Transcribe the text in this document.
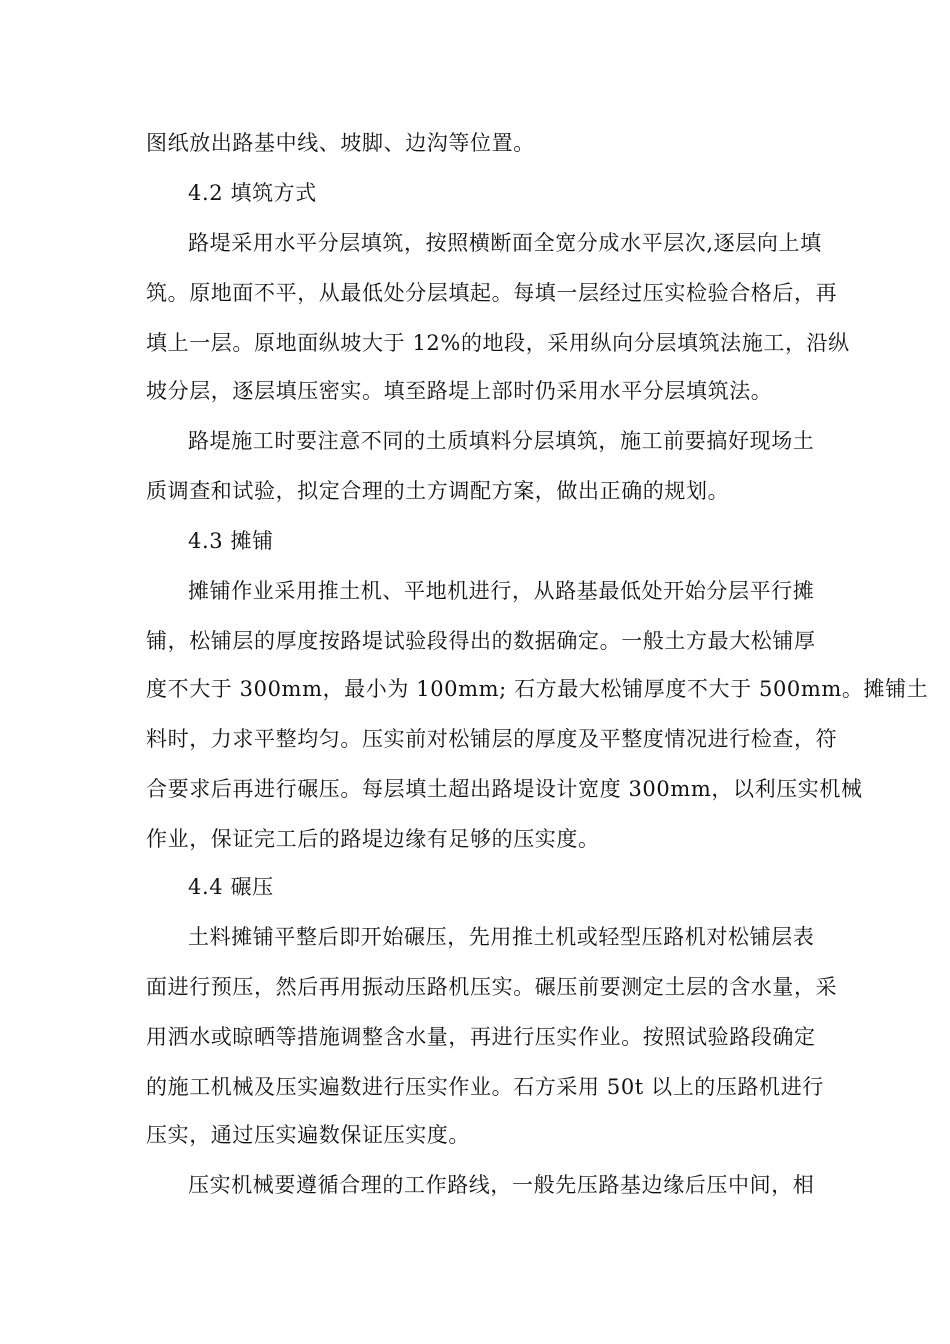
图纸放出路基中线、坡脚、边沟等位置。
4.2 填筑方式
路堤采用水平分层填筑，按照横断面全宽分成水平层次,逐层向上填
筑。原地面不平，从最低处分层填起。每填一层经过压实检验合格后，再
填上一层。原地面纵坡大于 12%的地段，采用纵向分层填筑法施工，沿纵
坡分层，逐层填压密实。填至路堤上部时仍采用水平分层填筑法。
路堤施工时要注意不同的土质填料分层填筑，施工前要搞好现场土
质调查和试验，拟定合理的土方调配方案，做出正确的规划。
4.3 摊铺
摊铺作业采用推土机、平地机进行，从路基最低处开始分层平行摊
铺，松铺层的厚度按路堤试验段得出的数据确定。一般土方最大松铺厚
度不大于 300mm，最小为 100mm; 石方最大松铺厚度不大于 500mm。摊铺土
料时，力求平整均匀。压实前对松铺层的厚度及平整度情况进行检查，符
合要求后再进行碾压。每层填土超出路堤设计宽度 300mm，以利压实机械
作业，保证完工后的路堤边缘有足够的压实度。
4.4 碾压
土料摊铺平整后即开始碾压，先用推土机或轻型压路机对松铺层表
面进行预压，然后再用振动压路机压实。碾压前要测定土层的含水量，采
用洒水或晾晒等措施调整含水量，再进行压实作业。按照试验路段确定
的施工机械及压实遍数进行压实作业。石方采用 50t 以上的压路机进行
压实，通过压实遍数保证压实度。
压实机械要遵循合理的工作路线，一般先压路基边缘后压中间，相
